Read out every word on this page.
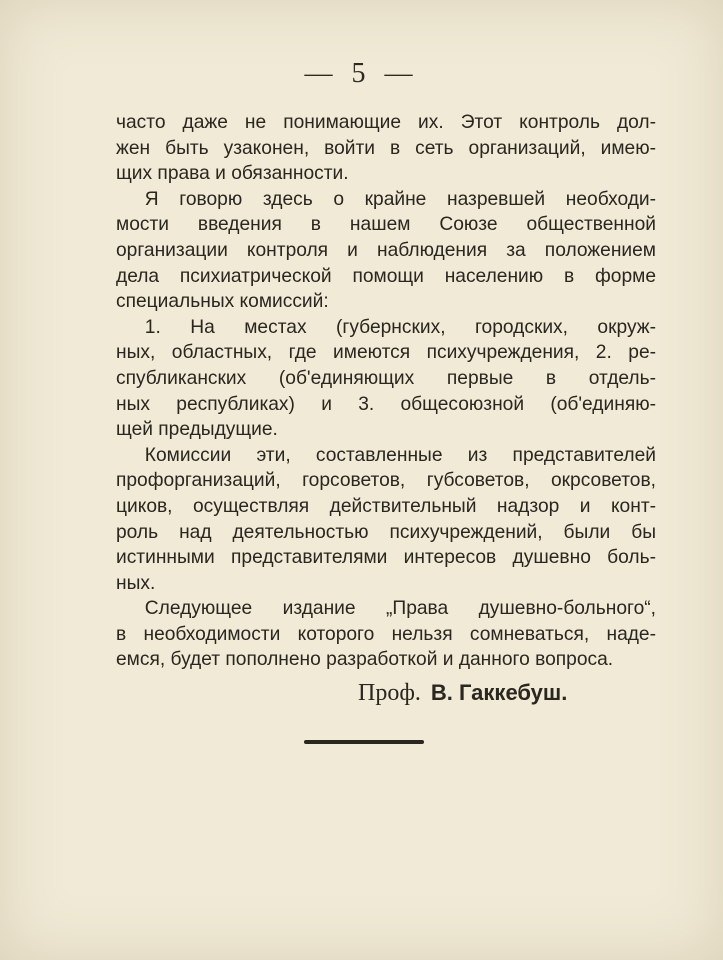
— 5 —
часто даже не понимающие их. Этот контроль дол-
жен быть узаконен, войти в сеть организаций, имею-
щих права и обязанности.
Я говорю здесь о крайне назревшей необходи-
мости введения в нашем Союзе общественной
организации контроля и наблюдения за положением
дела психиатрической помощи населению в форме
специальных комиссий:
1. На местах (губернских, городских, окруж-
ных, областных, где имеются психучреждения, 2. ре-
спубликанских (об'единяющих первые в отдель-
ных республиках) и 3. общесоюзной (об'единяю-
щей предыдущие.
Комиссии эти, составленные из представителей
профорганизаций, горсоветов, губсоветов, окрсоветов,
циков, осуществляя действительный надзор и конт-
роль над деятельностью психучреждений, были бы
истинными представителями интересов душевно боль-
ных.
Следующее издание „Права душевно-больного“,
в необходимости которого нельзя сомневаться, наде-
емся, будет пополнено разработкой и данного вопроса.
Проф. В. Гаккебуш.
